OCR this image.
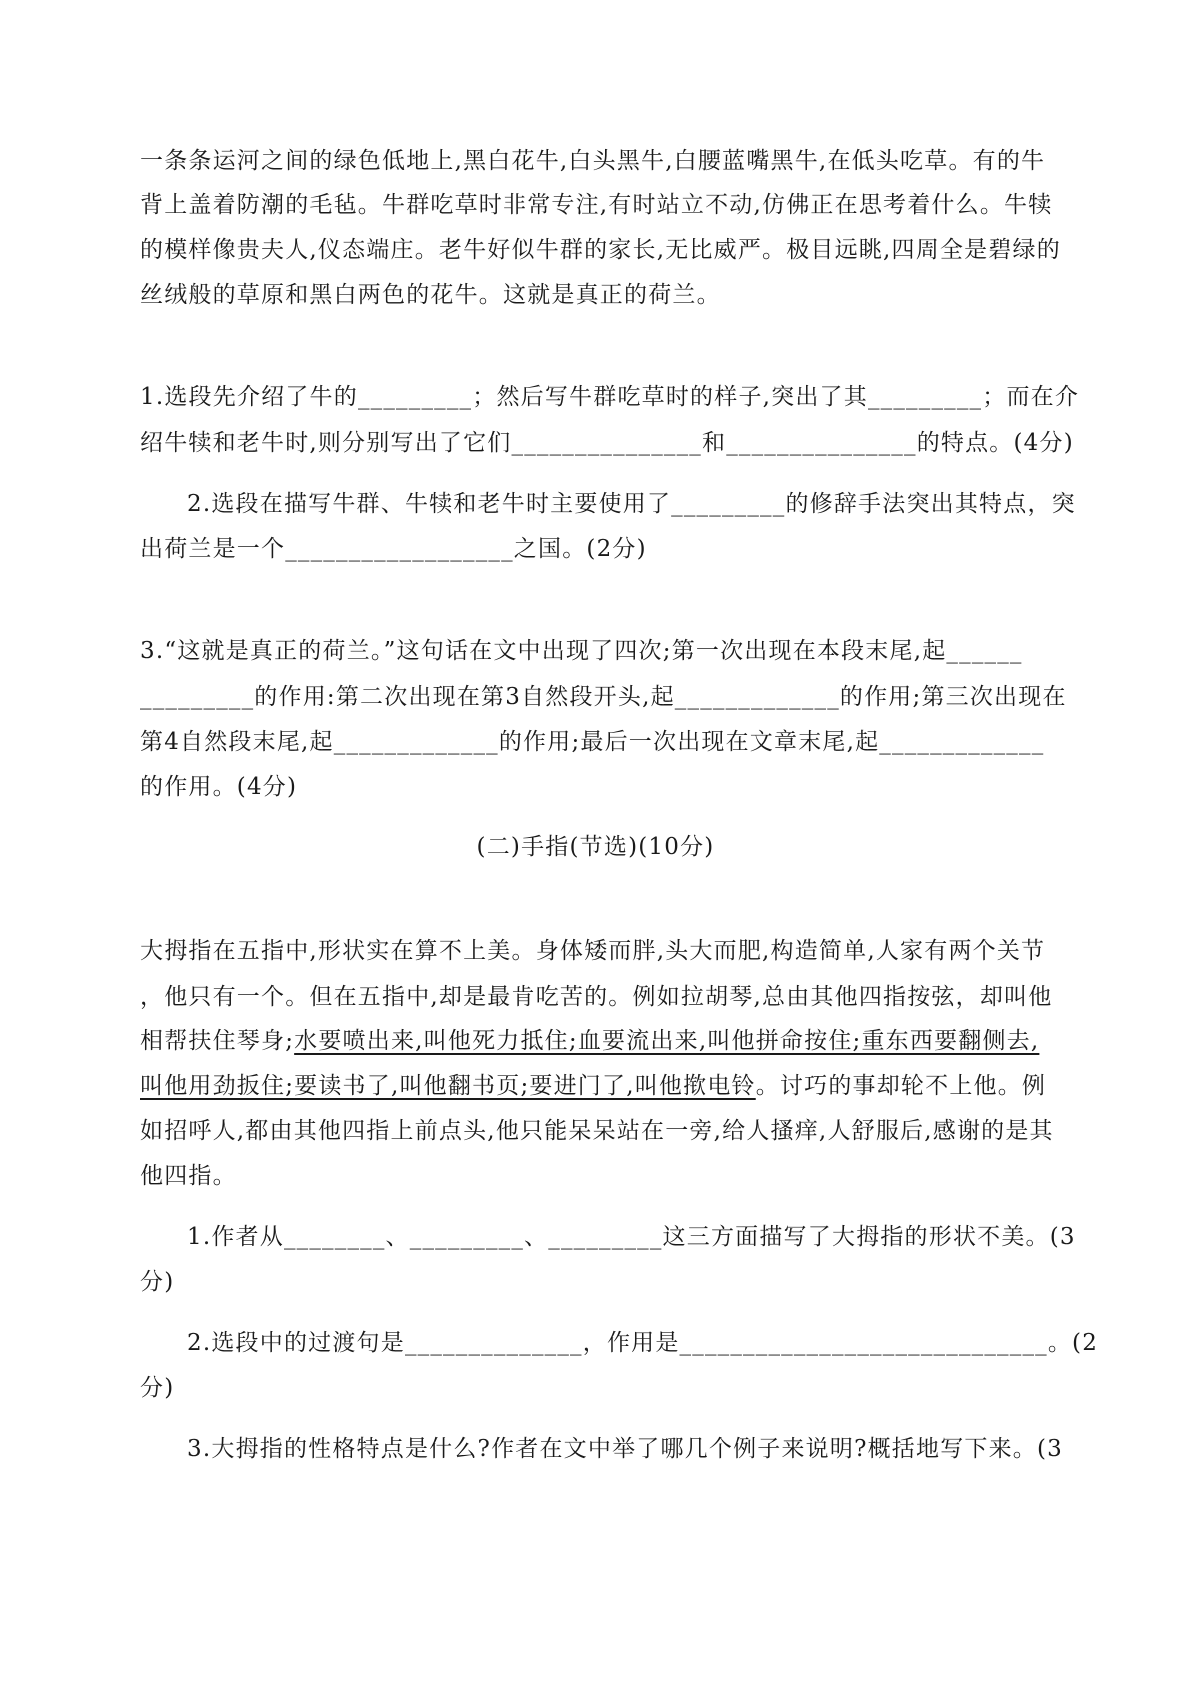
一条条运河之间的绿色低地上,黑白花牛,白头黑牛,白腰蓝嘴黑牛,在低头吃草。有的牛
背上盖着防潮的毛毡。牛群吃草时非常专注,有时站立不动,仿佛正在思考着什么。牛犊
的模样像贵夫人,仪态端庄。老牛好似牛群的家长,无比威严。极目远眺,四周全是碧绿的
丝绒般的草原和黑白两色的花牛。这就是真正的荷兰。
1.选段先介绍了牛的_________；然后写牛群吃草时的样子,突出了其_________；而在介
绍牛犊和老牛时,则分别写出了它们_______________和_______________的特点。(4分)
2.选段在描写牛群、牛犊和老牛时主要使用了_________的修辞手法突出其特点，突
出荷兰是一个__________________之国。(2分)
3.“这就是真正的荷兰。”这句话在文中出现了四次;第一次出现在本段末尾,起______
_________的作用:第二次出现在第3自然段开头,起_____________的作用;第三次出现在
第4自然段末尾,起_____________的作用;最后一次出现在文章末尾,起_____________
的作用。(4分)
(二)手指(节选)(10分)
大拇指在五指中,形状实在算不上美。身体矮而胖,头大而肥,构造简单,人家有两个关节
，他只有一个。但在五指中,却是最肯吃苦的。例如拉胡琴,总由其他四指按弦，却叫他
相帮扶住琴身;水要喷出来,叫他死力抵住;血要流出来,叫他拼命按住;重东西要翻侧去,
叫他用劲扳住;要读书了,叫他翻书页;要进门了,叫他揿电铃。讨巧的事却轮不上他。例
如招呼人,都由其他四指上前点头,他只能呆呆站在一旁,给人搔痒,人舒服后,感谢的是其
他四指。
1.作者从________、_________、_________这三方面描写了大拇指的形状不美。(3
分)
2.选段中的过渡句是______________，作用是_____________________________。(2
分)
3.大拇指的性格特点是什么?作者在文中举了哪几个例子来说明?概括地写下来。(3
